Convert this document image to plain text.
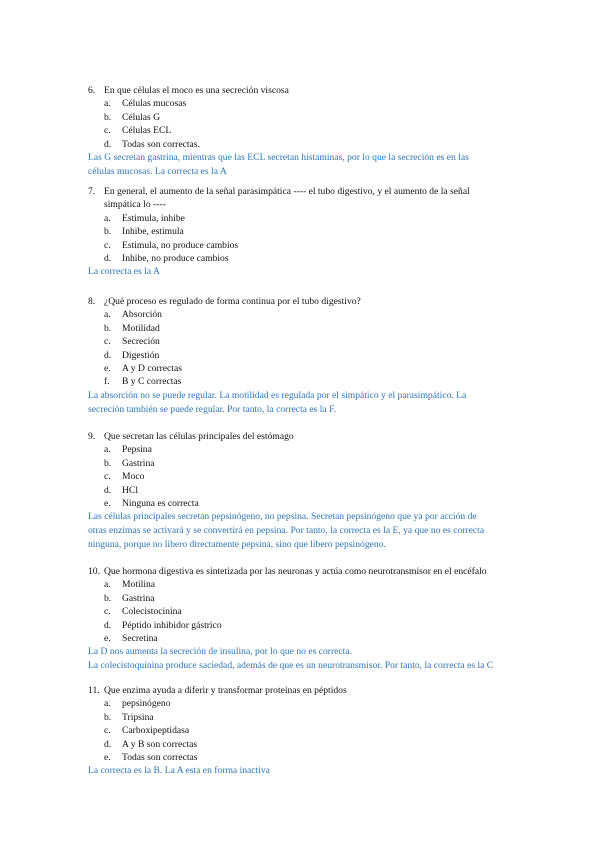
6. En que células el moco es una secreción viscosa
a. Células mucosas
b. Células G
c. Células ECL
d. Todas son correctas.
Las G secretan gastrina, mientras que las ECL secretan histaminas, por lo que la secreción es en las
células mucosas. La correcta es la A
7. En general, el aumento de la señal parasimpática ---- el tubo digestivo, y el aumento de la señal
simpática lo ----
a. Estimula, inhibe
b. Inhibe, estimula
c. Estimula, no produce cambios
d. Inhibe, no produce cambios
La correcta es la A
8. ¿Qué proceso es regulado de forma continua por el tubo digestivo?
a. Absorción
b. Motilidad
c. Secreción
d. Digestión
e. A y D correctas
f. B y C correctas
La absorción no se puede regular. La motilidad es regulada por el simpático y el parasimpático. La
secreción también se puede regular. Por tanto, la correcta es la F.
9. Que secretan las células principales del estómago
a. Pepsina
b. Gastrina
c. Moco
d. HCl
e. Ninguna es correcta
Las células principales secretan pepsinógeno, no pepsina. Secretan pepsinógeno que ya por acción de
otras enzimas se activará y se convertirá en pepsina. Por tanto, la correcta es la E, ya que no es correcta
ninguna, porque no libero directamente pepsina, sino que libero pepsinógeno.
10. Que hormona digestiva es sintetizada por las neuronas y actúa como neurotransmisor en el encéfalo
a. Motilina
b. Gastrina
c. Colecistocinina
d. Péptido inhibidor gástrico
e. Secretina
La D nos aumenta la secreción de insulina, por lo que no es correcta.
La colecistoquinina produce saciedad, además de que es un neurotransmisor. Por tanto, la correcta es la C
11. Que enzima ayuda a diferir y transformar proteínas en péptidos
a. pepsinógeno
b. Tripsina
c. Carboxipeptidasa
d. A y B son correctas
e. Todas son correctas
La correcta es la B. La A esta en forma inactiva
